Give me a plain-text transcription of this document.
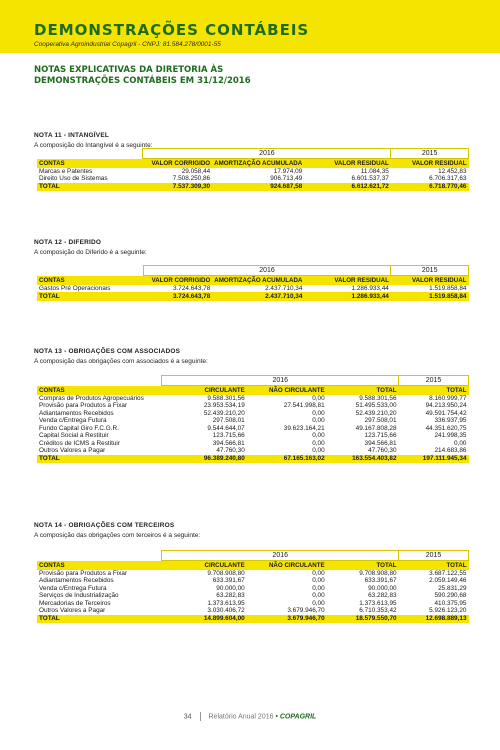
DEMONSTRAÇÕES CONTÁBEIS
Cooperativa Agroindustrial Copagril - CNPJ: 81.584.278/0001-55
NOTAS EXPLICATIVAS DA DIRETORIA ÀS
DEMONSTRAÇÕES CONTÁBEIS EM 31/12/2016
NOTA 11 - INTANGÍVEL
A composição do Intangível é a seguinte:
	2016			2015
CONTAS	VALOR CORRIGIDO	AMORTIZAÇÃO ACUMULADA	VALOR RESIDUAL	VALOR RESIDUAL
Marcas e Patentes	29.058,44	17.974,09	11.084,35	12.452,83
Direito Uso de Sistemas	7.508.250,86	906.713,49	6.601.537,37	6.706.317,63
TOTAL	7.537.309,30	924.687,58	6.612.621,72	6.718.770,46
NOTA 12 - DIFERIDO
A composição do Diferido é a seguinte:
	2016			2015
CONTAS	VALOR CORRIGIDO	AMORTIZAÇÃO ACUMULADA	VALOR RESIDUAL	VALOR RESIDUAL
Gastos Pré Operacionais	3.724.643,78	2.437.710,34	1.286.933,44	1.519.858,84
TOTAL	3.724.643,78	2.437.710,34	1.286.933,44	1.519.858,84
NOTA 13 - OBRIGAÇÕES COM ASSOCIADOS
A composição das obrigações com associados é a seguinte:
	2016			2015
CONTAS	CIRCULANTE	NÃO CIRCULANTE	TOTAL	TOTAL
Compras de Produtos Agropecuários	9.588.301,56	0,00	9.588.301,56	8.160.999,77
Provisão para Produtos a Fixar	23.953.534,19	27.541.998,81	51.495.533,00	94.213.950,24
Adiantamentos Recebidos	52.439.210,20	0,00	52.439.210,20	49.591.754,42
Venda c/Entrega Futura	297.508,01	0,00	297.508,01	336.937,95
Fundo Capital Giro F.C.G.R.	9.544.644,07	39.623.164,21	49.167.808,28	44.351.620,75
Capital Social a Restituir	123.715,66	0,00	123.715,66	241.998,35
Créditos de ICMS a Restituir	394.566,81	0,00	394.566,81	0,00
Outros Valores a Pagar	47.760,30	0,00	47.760,30	214.683,86
TOTAL	96.389.240,80	67.165.163,02	163.554.403,82	197.111.945,34
NOTA 14 - OBRIGAÇÕES COM TERCEIROS
A composição das obrigações com terceiros é a seguinte:
	2016			2015
CONTAS	CIRCULANTE	NÃO CIRCULANTE	TOTAL	TOTAL
Provisão para Produtos a Fixar	9.708.908,80	0,00	9.708.908,80	3.687.122,55
Adiantamentos Recebidos	633.391,67	0,00	633.391,67	2.059.149,46
Venda c/Entrega Futura	90.000,00	0,00	90.000,00	25.831,29
Serviços de Industrialização	63.282,83	0,00	63.282,83	590.290,68
Mercadorias de Terceiros	1.373.613,95	0,00	1.373.613,95	410.375,95
Outros Valores a Pagar	3.030.406,72	3.679.946,70	6.710.353,42	5.926.123,20
TOTAL	14.899.604,00	3.679.946,70	18.579.550,70	12.698.889,13
34 Relatório Anual 2016 • COPAGRIL
